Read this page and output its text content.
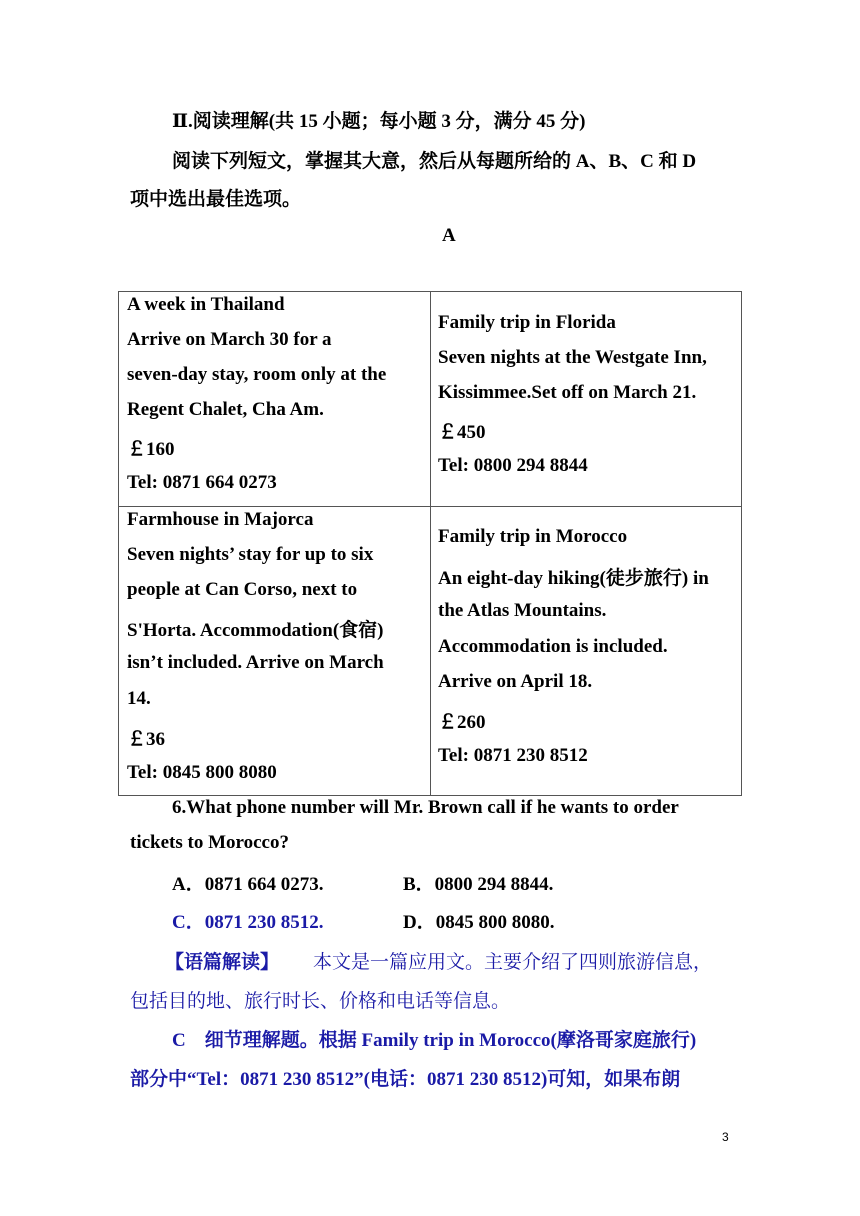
Ⅱ.阅读理解(共 15 小题；每小题 3 分，满分 45 分)
阅读下列短文，掌握其大意，然后从每题所给的 A、B、C 和 D
项中选出最佳选项。
A
A week in Thailand
Arrive on March 30 for a
seven-day stay, room only at the
Regent Chalet, Cha Am.
￡160
Tel: 0871 664 0273
Family trip in Florida
Seven nights at the Westgate Inn,
Kissimmee.Set off on March 21.
￡450
Tel: 0800 294 8844
Farmhouse in Majorca
Seven nights’ stay for up to six
people at Can Corso, next to
S'Horta. Accommodation(食宿)
isn’t included. Arrive on March
14.
￡36
Tel: 0845 800 8080
Family trip in Morocco
An eight-day hiking(徒步旅行) in
the Atlas Mountains.
Accommodation is included.
Arrive on April 18.
￡260
Tel: 0871 230 8512
6.What phone number will Mr. Brown call if he wants to order
tickets to Morocco?
A．0871 664 0273.	B．0800 294 8844.
C．0871 230 8512.	D．0845 800 8080.
【语篇解读】 本文是一篇应用文。主要介绍了四则旅游信息，
包括目的地、旅行时长、价格和电话等信息。
C　细节理解题。根据 Family trip in Morocco(摩洛哥家庭旅行)
部分中“Tel：0871 230 8512”(电话：0871 230 8512)可知，如果布朗
3
